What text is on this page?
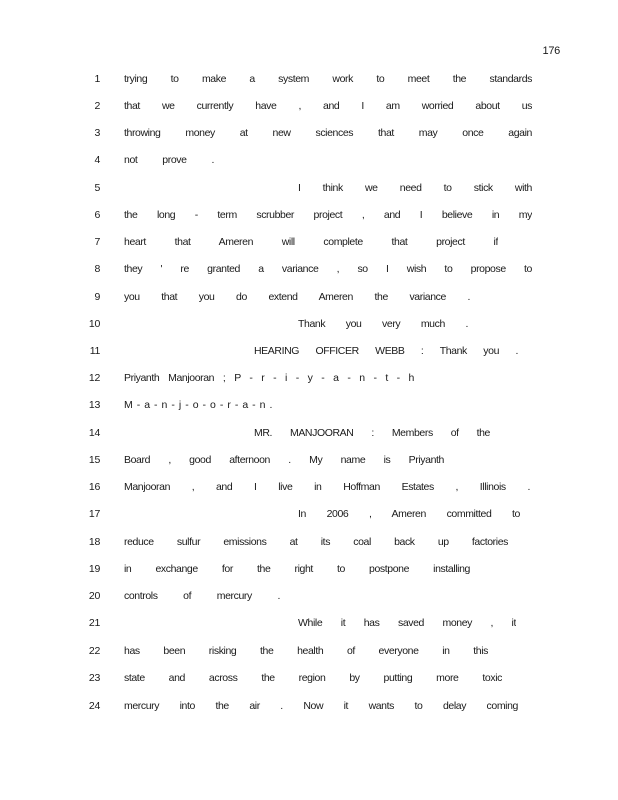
176
1 trying to make a system work to meet the standards
2 that we currently have , and I am worried about us
3 throwing money at new sciences that may once again
4 not prove .
5	I think we need to stick with
6 the long - term scrubber project , and I believe in my
7 heart that Ameren will complete that project if
8 they ' re granted a variance , so I wish to propose to
9 you that you do extend Ameren the variance .
10	Thank you very much .
11	HEARING OFFICER WEBB : Thank you .
12 Priyanth Manjooran ; P - r - i - y - a - n - t - h
13 M - a - n - j - o - o - r - a - n .
14	MR. MANJOORAN : Members of the
15 Board , good afternoon . My name is Priyanth
16 Manjooran , and I live in Hoffman Estates , Illinois .
17	In 2006 , Ameren committed to
18 reduce sulfur emissions at its coal back up factories
19 in exchange for the right to postpone installing
20 controls of mercury .
21	While it has saved money , it
22 has been risking the health of everyone in this
23 state and across the region by putting more toxic
24 mercury into the air . Now it wants to delay coming
